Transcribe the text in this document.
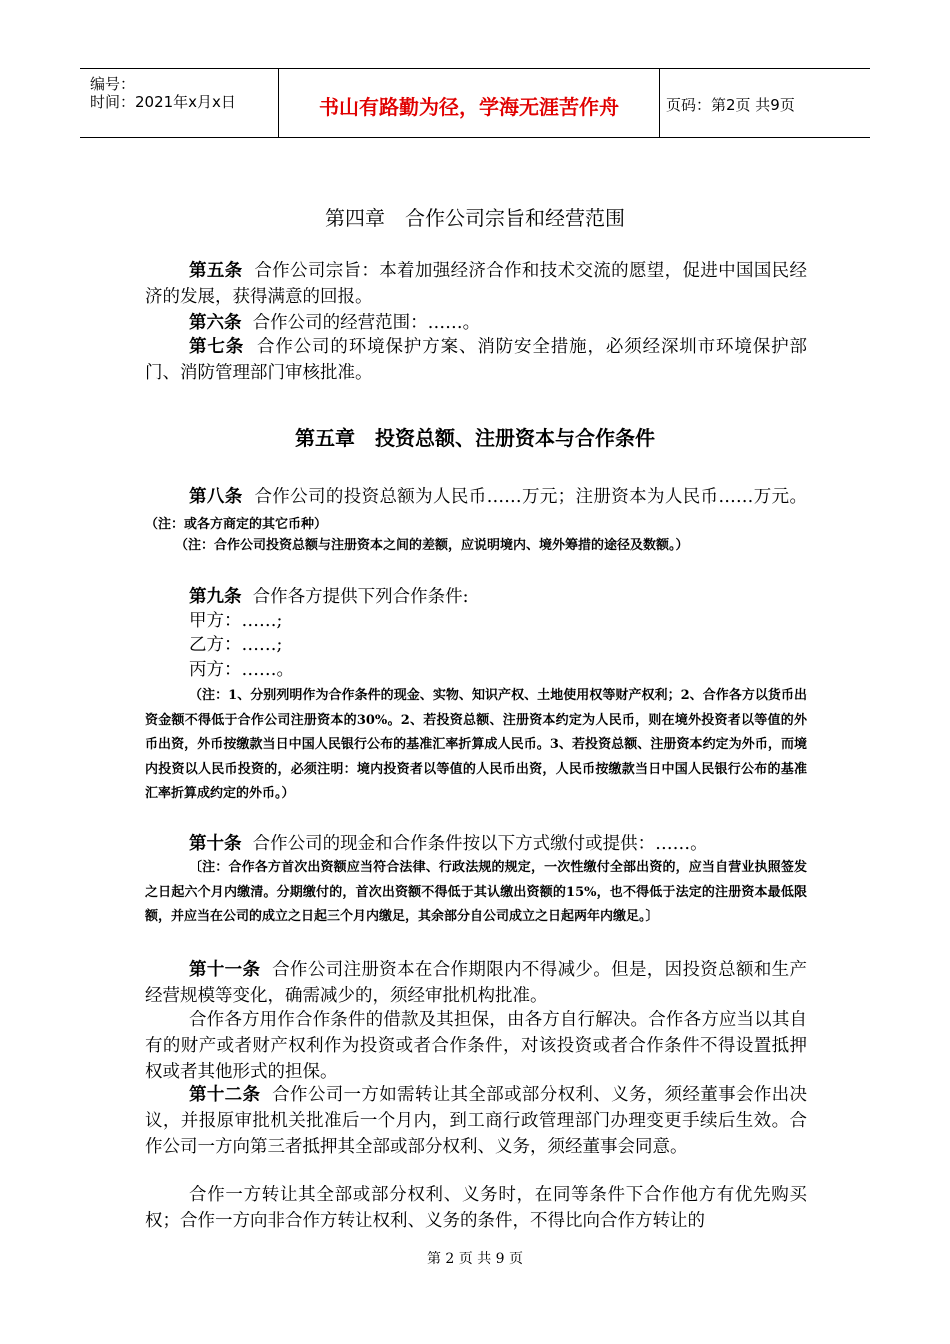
编号：
时间：2021年x月x日	书山有路勤为径，学海无涯苦作舟	页码：第2页 共9页
第四章　合作公司宗旨和经营范围

第五条 合作公司宗旨：本着加强经济合作和技术交流的愿望，促进中国国民经济的发展，获得满意的回报。

第六条 合作公司的经营范围：……。

第七条 合作公司的环境保护方案、消防安全措施，必须经深圳市环境保护部门、消防管理部门审核批准。

第五章　投资总额、注册资本与合作条件

第八条 合作公司的投资总额为人民币……万元；注册资本为人民币……万元。（注：或各方商定的其它币种）

（注：合作公司投资总额与注册资本之间的差额，应说明境内、境外筹措的途径及数额。）

第九条 合作各方提供下列合作条件:

甲方：……;
乙方：……;
丙方：……。

（注：1、分别列明作为合作条件的现金、实物、知识产权、土地使用权等财产权利；2、合作各方以货币出资金额不得低于合作公司注册资本的30%。2、若投资总额、注册资本约定为人民币，则在境外投资者以等值的外币出资，外币按缴款当日中国人民银行公布的基准汇率折算成人民币。3、若投资总额、注册资本约定为外币，而境内投资以人民币投资的，必须注明：境内投资者以等值的人民币出资，人民币按缴款当日中国人民银行公布的基准汇率折算成约定的外币。）

第十条 合作公司的现金和合作条件按以下方式缴付或提供：……。

〔注：合作各方首次出资额应当符合法律、行政法规的规定，一次性缴付全部出资的，应当自营业执照签发之日起六个月内缴清。分期缴付的，首次出资额不得低于其认缴出资额的15%，也不得低于法定的注册资本最低限额，并应当在公司的成立之日起三个月内缴足，其余部分自公司成立之日起两年内缴足。〕

第十一条 合作公司注册资本在合作期限内不得减少。但是，因投资总额和生产经营规模等变化，确需减少的，须经审批机构批准。

合作各方用作合作条件的借款及其担保，由各方自行解决。合作各方应当以其自有的财产或者财产权利作为投资或者合作条件，对该投资或者合作条件不得设置抵押权或者其他形式的担保。

第十二条 合作公司一方如需转让其全部或部分权利、义务，须经董事会作出决议，并报原审批机关批准后一个月内，到工商行政管理部门办理变更手续后生效。合作公司一方向第三者抵押其全部或部分权利、义务，须经董事会同意。

合作一方转让其全部或部分权利、义务时，在同等条件下合作他方有优先购买权；合作一方向非合作方转让权利、义务的条件，不得比向合作方转让的

第 2 页 共 9 页
